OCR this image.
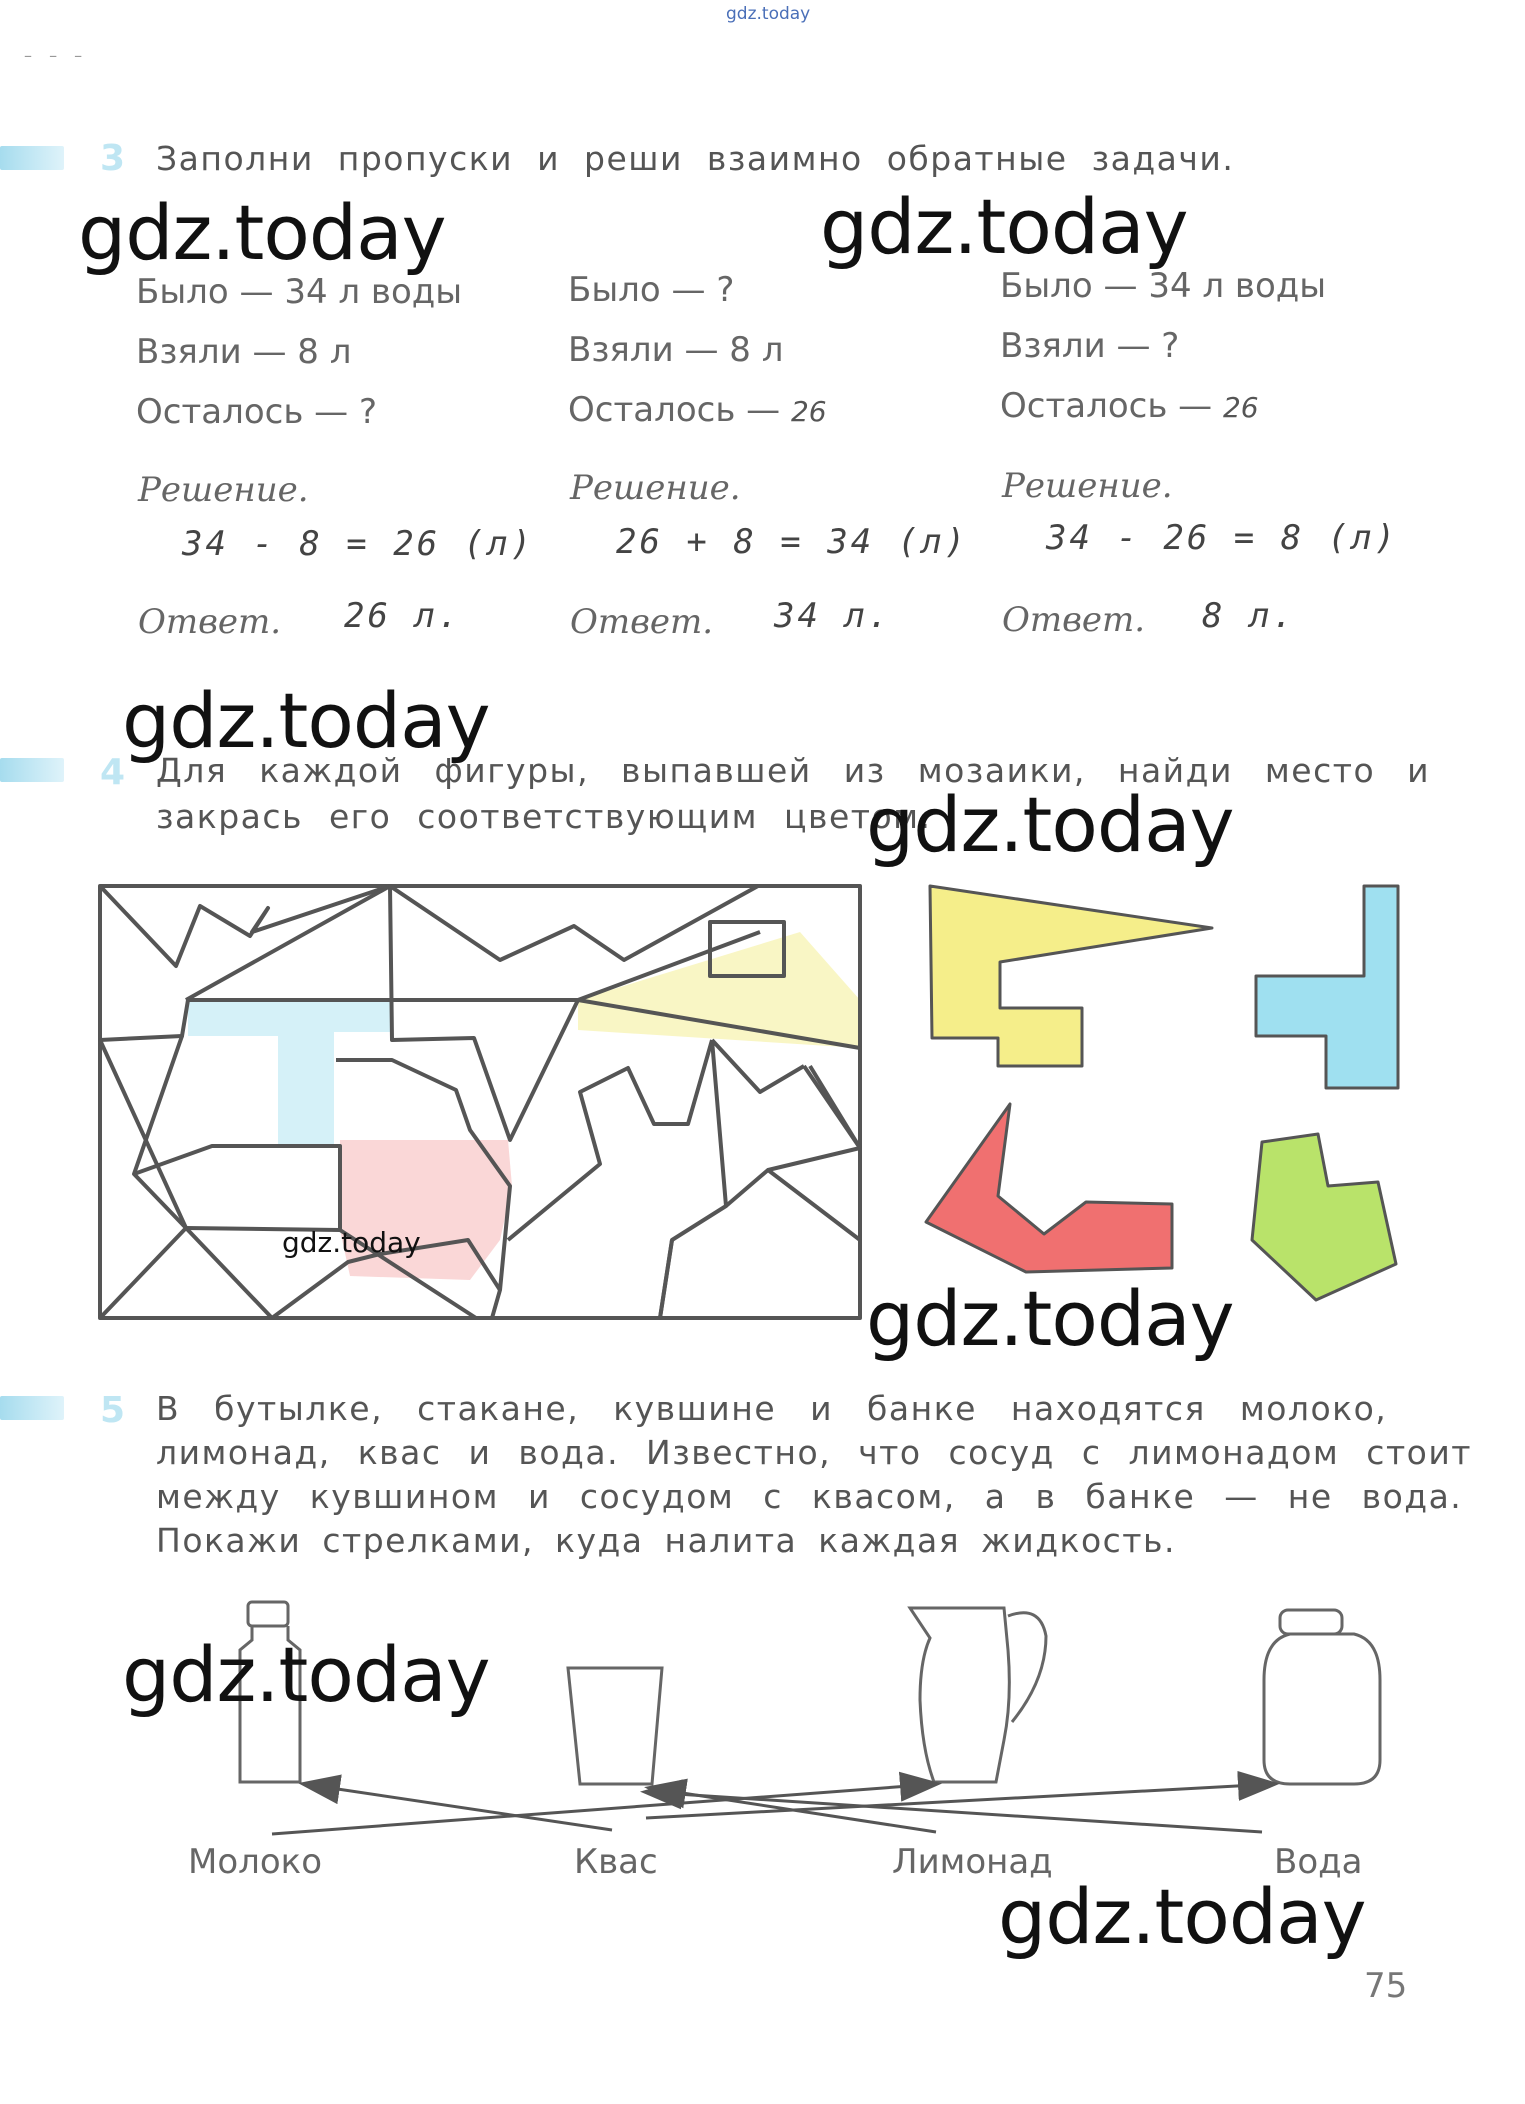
gdz.today
– – –
3 Заполни пропуски и реши взаимно обратные задачи.
gdz.today	gdz.today
Было — 34 л воды
Взяли — 8 л
Осталось — ?
Решение.
34 - 8 = 26 (л)
Ответ. 26 л.
Было — ?
Взяли — 8 л
Осталось — 26
Решение.
26 + 8 = 34 (л)
Ответ. 34 л.
Было — 34 л воды
Взяли — ?
Осталось — 26
Решение.
34 - 26 = 8 (л)
Ответ. 8 л.
gdz.today
4 Для каждой фигуры, выпавшей из мозаики, найди место и
закрась его соответствующим цветом.
gdz.today
gdz.today
gdz.today
5 В бутылке, стакане, кувшине и банке находятся молоко,
лимонад, квас и вода. Известно, что сосуд с лимонадом стоит
между кувшином и сосудом с квасом, а в банке — не вода.
Покажи стрелками, куда налита каждая жидкость.
gdz.today
Молоко	Квас	Лимонад	Вода
gdz.today
75
